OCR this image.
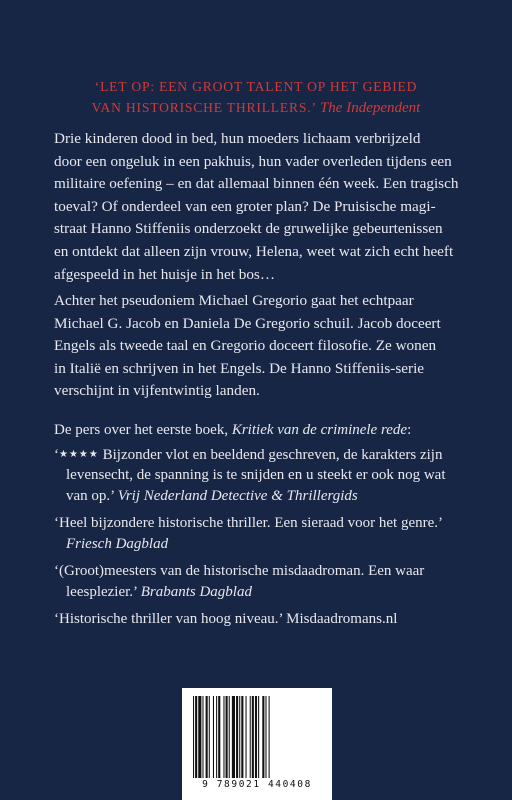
‘LET OP: EEN GROOT TALENT OP HET GEBIED
VAN HISTORISCHE THRILLERS.’ The Independent
Drie kinderen dood in bed, hun moeders lichaam verbrijzeld
door een ongeluk in een pakhuis, hun vader overleden tijdens een
militaire oefening – en dat allemaal binnen één week. Een tragisch
toeval? Of onderdeel van een groter plan? De Pruisische magi-
straat Hanno Stiffeniis onderzoekt de gruwelijke gebeurtenissen
en ontdekt dat alleen zijn vrouw, Helena, weet wat zich echt heeft
afgespeeld in het huisje in het bos…
Achter het pseudoniem Michael Gregorio gaat het echtpaar
Michael G. Jacob en Daniela De Gregorio schuil. Jacob doceert
Engels als tweede taal en Gregorio doceert filosofie. Ze wonen
in Italië en schrijven in het Engels. De Hanno Stiffeniis-serie
verschijnt in vijfentwintig landen.
De pers over het eerste boek, Kritiek van de criminele rede:
‘★★★★ Bijzonder vlot en beeldend geschreven, de karakters zijn
levensecht, de spanning is te snijden en u steekt er ook nog wat
van op.’ Vrij Nederland Detective & Thrillergids
‘Heel bijzondere historische thriller. Een sieraad voor het genre.’
Friesch Dagblad
‘(Groot)meesters van de historische misdaadroman. Een waar
leesplezier.’ Brabants Dagblad
‘Historische thriller van hoog niveau.’ Misdaadromans.nl
9 789021 440408
